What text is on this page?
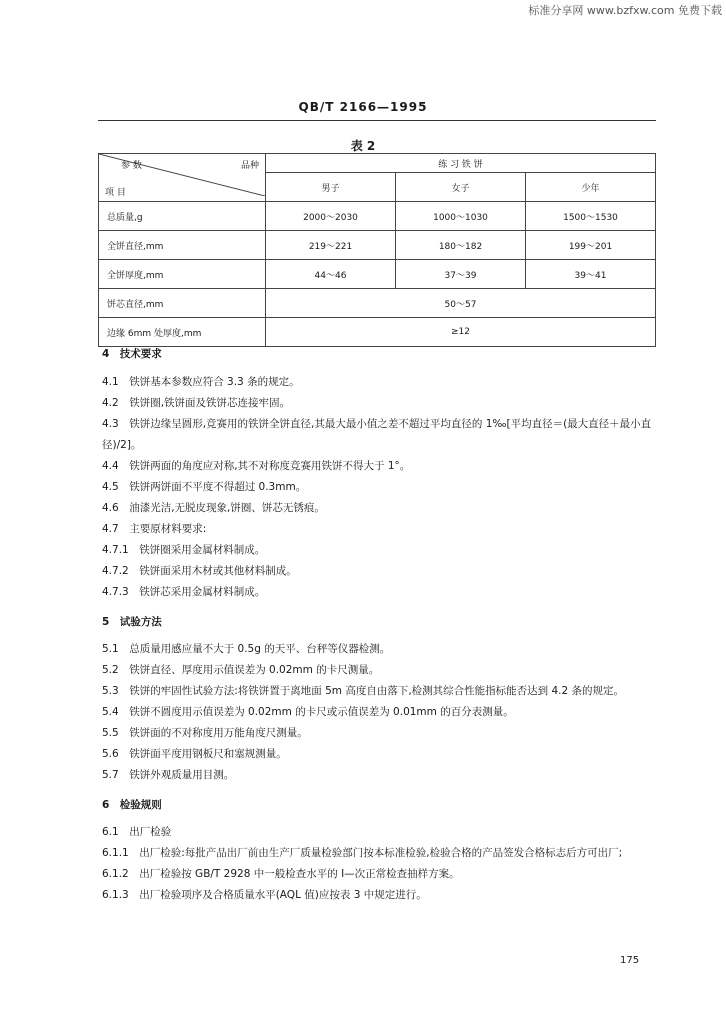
标准分享网 www.bzfxw.com 免费下载
QB/T 2166—1995
表 2
参 数 品种
项 目	练 习 铁 饼		
	男子	女子	少年
总质量,g	2000～2030	1000～1030	1500～1530
全饼直径,mm	219～221	180～182	199～201
全饼厚度,mm	44～46	37～39	39～41
饼芯直径,mm	50～57		
边缘 6mm 处厚度,mm	≥12		
4　技术要求
4.1　铁饼基本参数应符合 3.3 条的规定。
4.2　铁饼圈,铁饼面及铁饼芯连接牢固。
4.3　铁饼边缘呈圆形,竞赛用的铁饼全饼直径,其最大最小值之差不超过平均直径的 1‰[平均直径＝(最大直径＋最小直径)/2]。
4.4　铁饼两面的角度应对称,其不对称度竞赛用铁饼不得大于 1°。
4.5　铁饼两饼面不平度不得超过 0.3mm。
4.6　油漆光洁,无脱皮现象,饼圈、饼芯无锈痕。
4.7　主要原材料要求:
4.7.1　铁饼圈采用金属材料制成。
4.7.2　铁饼面采用木材或其他材料制成。
4.7.3　铁饼芯采用金属材料制成。
5　试验方法
5.1　总质量用感应量不大于 0.5g 的天平、台秤等仪器检测。
5.2　铁饼直径、厚度用示值误差为 0.02mm 的卡尺测量。
5.3　铁饼的牢固性试验方法:将铁饼置于离地面 5m 高度自由落下,检测其综合性能指标能否达到 4.2 条的规定。
5.4　铁饼不圆度用示值误差为 0.02mm 的卡尺或示值误差为 0.01mm 的百分表测量。
5.5　铁饼面的不对称度用万能角度尺测量。
5.6　铁饼面平度用钢板尺和塞规测量。
5.7　铁饼外观质量用目测。
6　检验规则
6.1　出厂检验
6.1.1　出厂检验:每批产品出厂前由生产厂质量检验部门按本标准检验,检验合格的产品签发合格标志后方可出厂;
6.1.2　出厂检验按 GB/T 2928 中一般检查水平的 Ⅰ—次正常检查抽样方案。
6.1.3　出厂检验项序及合格质量水平(AQL 值)应按表 3 中规定进行。
175
